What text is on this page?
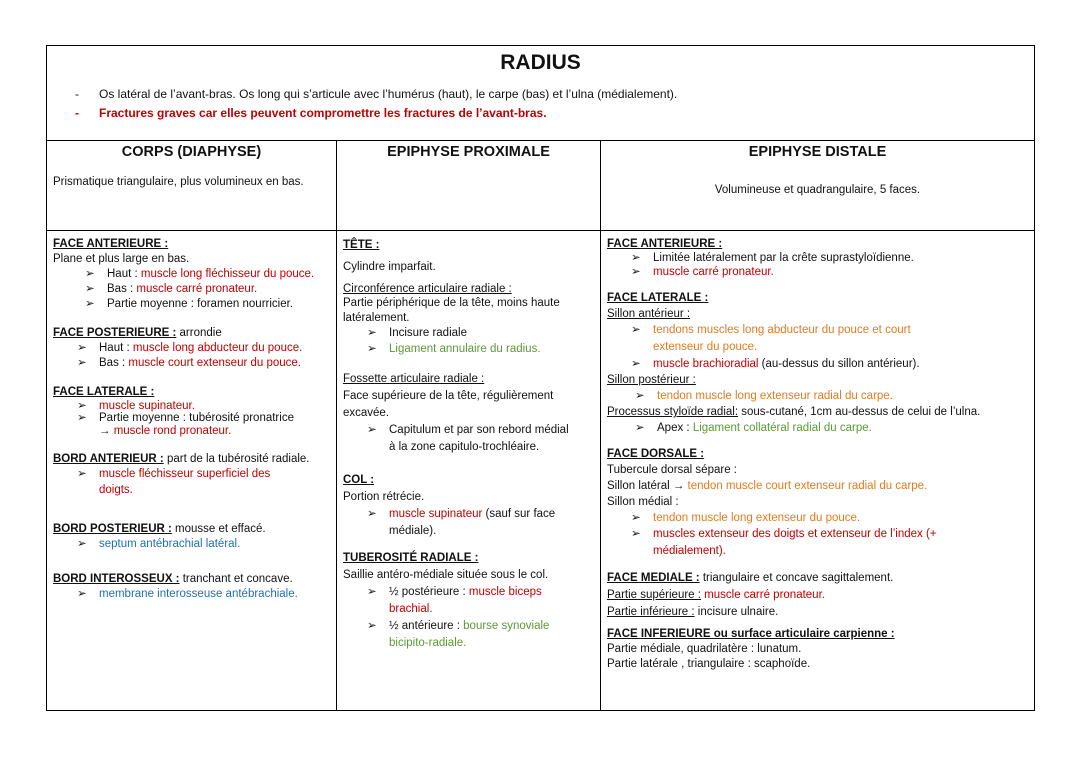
RADIUS
- Os latéral de l’avant-bras. Os long qui s’articule avec l’humérus (haut), le carpe (bas) et l’ulna (médialement).
- Fractures graves car elles peuvent compromettre les fractures de l’avant-bras.
CORPS (DIAPHYSE)
Prismatique triangulaire, plus volumineux en bas.
FACE ANTERIEURE :
Plane et plus large en bas.
➢ Haut : muscle long fléchisseur du pouce.
➢ Bas : muscle carré pronateur.
➢ Partie moyenne : foramen nourricier.
FACE POSTERIEURE : arrondie
➢ Haut : muscle long abducteur du pouce.
➢ Bas : muscle court extenseur du pouce.
FACE LATERALE :
➢ muscle supinateur.
➢ Partie moyenne : tubérosité pronatrice
→ muscle rond pronateur.
BORD ANTERIEUR : part de la tubérosité radiale.
➢ muscle fléchisseur superficiel des doigts.
BORD POSTERIEUR : mousse et effacé.
➢ septum antébrachial latéral.
BORD INTEROSSEUX : tranchant et concave.
➢ membrane interosseuse antébrachiale.
EPIPHYSE PROXIMALE
TÊTE :
Cylindre imparfait.
Circonférence articulaire radiale :
Partie périphérique de la tête, moins haute latéralement.
➢ Incisure radiale
➢ Ligament annulaire du radius.
Fossette articulaire radiale :
Face supérieure de la tête, régulièrement excavée.
➢ Capitulum et par son rebord médial à la zone capitulo-trochléaire.
COL :
Portion rétrécie.
➢ muscle supinateur (sauf sur face médiale).
TUBEROSITÉ RADIALE :
Saillie antéro-médiale située sous le col.
➢ ½ postérieure : muscle biceps brachial.
➢ ½ antérieure : bourse synoviale bicipito-radiale.
EPIPHYSE DISTALE
Volumineuse et quadrangulaire, 5 faces.
FACE ANTERIEURE :
➢ Limitée latéralement par la crête suprastyloïdienne.
➢ muscle carré pronateur.
FACE LATERALE :
Sillon antérieur :
➢ tendons muscles long abducteur du pouce et court extenseur du pouce.
➢ muscle brachioradial (au-dessus du sillon antérieur).
Sillon postérieur :
➢ tendon muscle long extenseur radial du carpe.
Processus styloïde radial: sous-cutané, 1cm au-dessus de celui de l’ulna.
➢ Apex : Ligament collatéral radial du carpe.
FACE DORSALE :
Tubercule dorsal sépare :
Sillon latéral → tendon muscle court extenseur radial du carpe.
Sillon médial :
➢ tendon muscle long extenseur du pouce.
➢ muscles extenseur des doigts et extenseur de l’index (+ médialement).
FACE MEDIALE : triangulaire et concave sagittalement.
Partie supérieure : muscle carré pronateur.
Partie inférieure : incisure ulnaire.
FACE INFERIEURE ou surface articulaire carpienne :
Partie médiale, quadrilatère : lunatum.
Partie latérale , triangulaire : scaphoïde.
